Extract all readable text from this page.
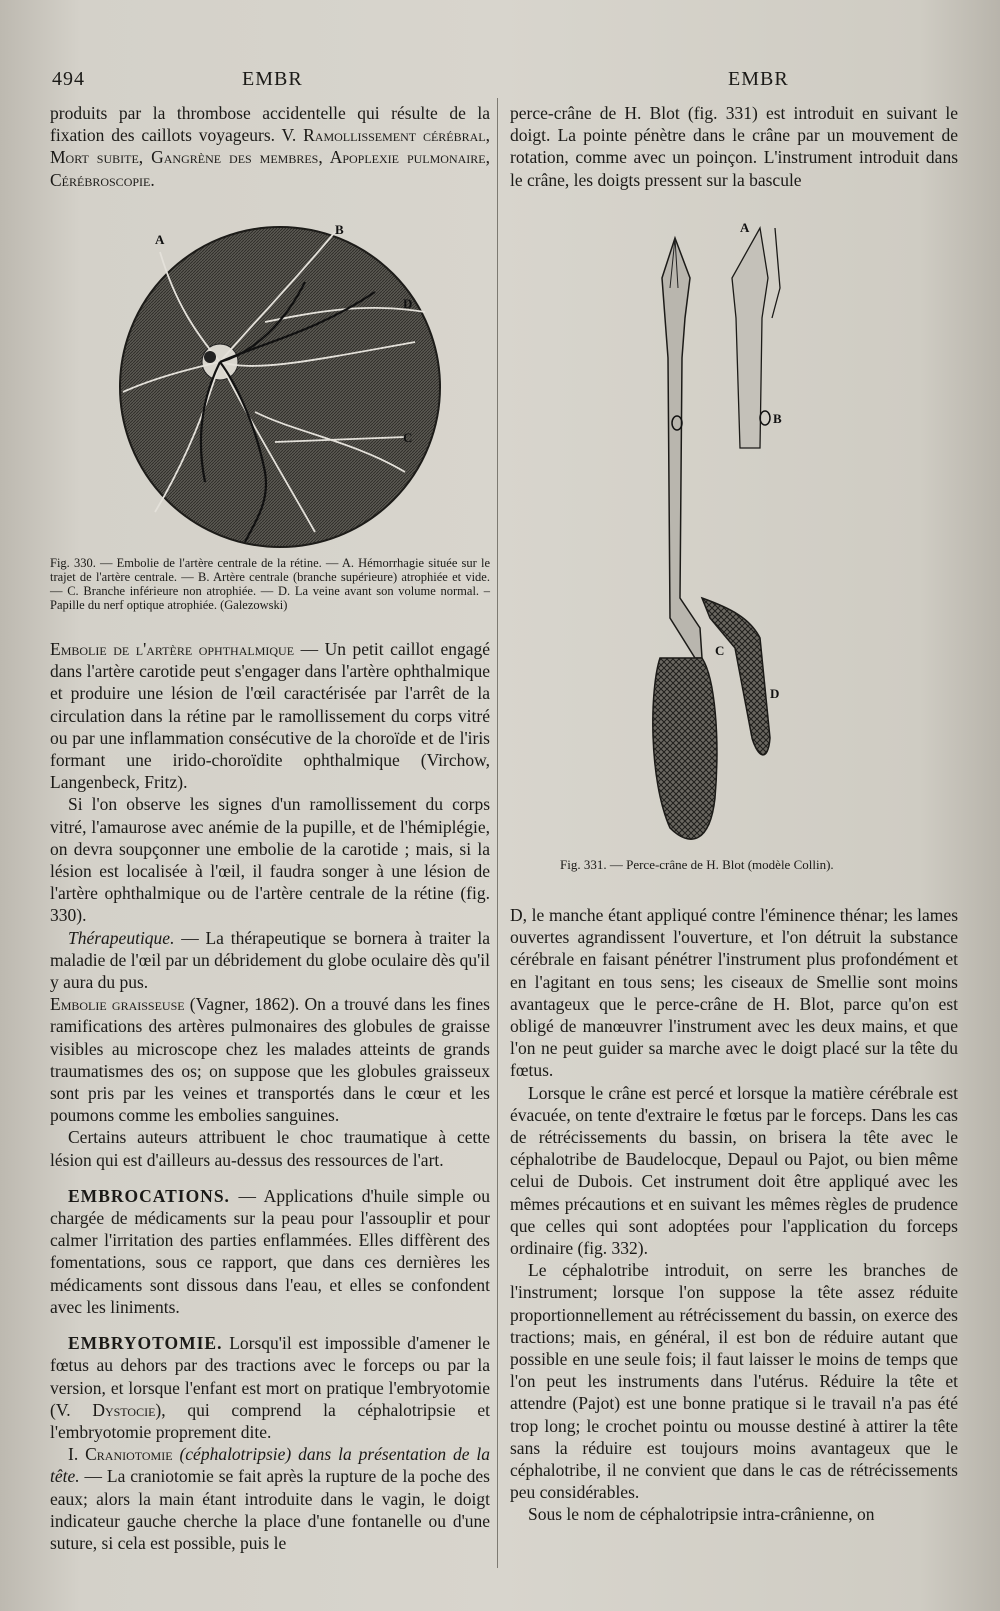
494	EMBR	EMBR

produits par la thrombose accidentelle qui résulte de la fixation des caillots voyageurs. V. Ramollissement cérébral, Mort subite, Gangrène des membres, Apoplexie pulmonaire, Cérébroscopie.

A
B
C
D
Fig. 330. — Embolie de l'artère centrale de la rétine. — A. Hémorrhagie située sur le trajet de l'artère centrale. — B. Artère centrale (branche supérieure) atrophiée et vide. — C. Branche inférieure non atrophiée. — D. La veine avant son volume normal. – Papille du nerf optique atrophiée. (Galezowski)

Embolie de l'artère ophthalmique — Un petit caillot engagé dans l'artère carotide peut s'engager dans l'artère ophthalmique et produire une lésion de l'œil caractérisée par l'arrêt de la circulation dans la rétine par le ramollissement du corps vitré ou par une inflammation consécutive de la choroïde et de l'iris formant une irido-choroïdite ophthalmique (Virchow, Langenbeck, Fritz).

Si l'on observe les signes d'un ramollissement du corps vitré, l'amaurose avec anémie de la pupille, et de l'hémiplégie, on devra soupçonner une embolie de la carotide ; mais, si la lésion est localisée à l'œil, il faudra songer à une lésion de l'artère ophthalmique ou de l'artère centrale de la rétine (fig. 330).

Thérapeutique. — La thérapeutique se bornera à traiter la maladie de l'œil par un débridement du globe oculaire dès qu'il y aura du pus.

Embolie graisseuse (Vagner, 1862). On a trouvé dans les fines ramifications des artères pulmonaires des globules de graisse visibles au microscope chez les malades atteints de grands traumatismes des os; on suppose que les globules graisseux sont pris par les veines et transportés dans le cœur et les poumons comme les embolies sanguines.

Certains auteurs attribuent le choc traumatique à cette lésion qui est d'ailleurs au-dessus des ressources de l'art.

EMBROCATIONS. — Applications d'huile simple ou chargée de médicaments sur la peau pour l'assouplir et pour calmer l'irritation des parties enflammées. Elles diffèrent des fomentations, sous ce rapport, que dans ces dernières les médicaments sont dissous dans l'eau, et elles se confondent avec les liniments.

EMBRYOTOMIE. Lorsqu'il est impossible d'amener le fœtus au dehors par des tractions avec le forceps ou par la version, et lorsque l'enfant est mort on pratique l'embryotomie (V. Dystocie), qui comprend la céphalotripsie et l'embryotomie proprement dite.

I. Craniotomie (céphalotripsie) dans la présentation de la tête. — La craniotomie se fait après la rupture de la poche des eaux; alors la main étant introduite dans le vagin, le doigt indicateur gauche cherche la place d'une fontanelle ou d'une suture, si cela est possible, puis le

perce-crâne de H. Blot (fig. 331) est introduit en suivant le doigt. La pointe pénètre dans le crâne par un mouvement de rotation, comme avec un poinçon. L'instrument introduit dans le crâne, les doigts pressent sur la bascule

A
B
C
D
Fig. 331. — Perce-crâne de H. Blot (modèle Collin).

D, le manche étant appliqué contre l'éminence thénar; les lames ouvertes agrandissent l'ouverture, et l'on détruit la substance cérébrale en faisant pénétrer l'instrument plus profondément et en l'agitant en tous sens; les ciseaux de Smellie sont moins avantageux que le perce-crâne de H. Blot, parce qu'on est obligé de manœuvrer l'instrument avec les deux mains, et que l'on ne peut guider sa marche avec le doigt placé sur la tête du fœtus.

Lorsque le crâne est percé et lorsque la matière cérébrale est évacuée, on tente d'extraire le fœtus par le forceps. Dans les cas de rétrécissements du bassin, on brisera la tête avec le céphalotribe de Baudelocque, Depaul ou Pajot, ou bien même celui de Dubois. Cet instrument doit être appliqué avec les mêmes précautions et en suivant les mêmes règles de prudence que celles qui sont adoptées pour l'application du forceps ordinaire (fig. 332).

Le céphalotribe introduit, on serre les branches de l'instrument; lorsque l'on suppose la tête assez réduite proportionnellement au rétrécissement du bassin, on exerce des tractions; mais, en général, il est bon de réduire autant que possible en une seule fois; il faut laisser le moins de temps que l'on peut les instruments dans l'utérus. Réduire la tête et attendre (Pajot) est une bonne pratique si le travail n'a pas été trop long; le crochet pointu ou mousse destiné à attirer la tête sans la réduire est toujours moins avantageux que le céphalotribe, il ne convient que dans le cas de rétrécissements peu considérables.

Sous le nom de céphalotripsie intra-crânienne, on
